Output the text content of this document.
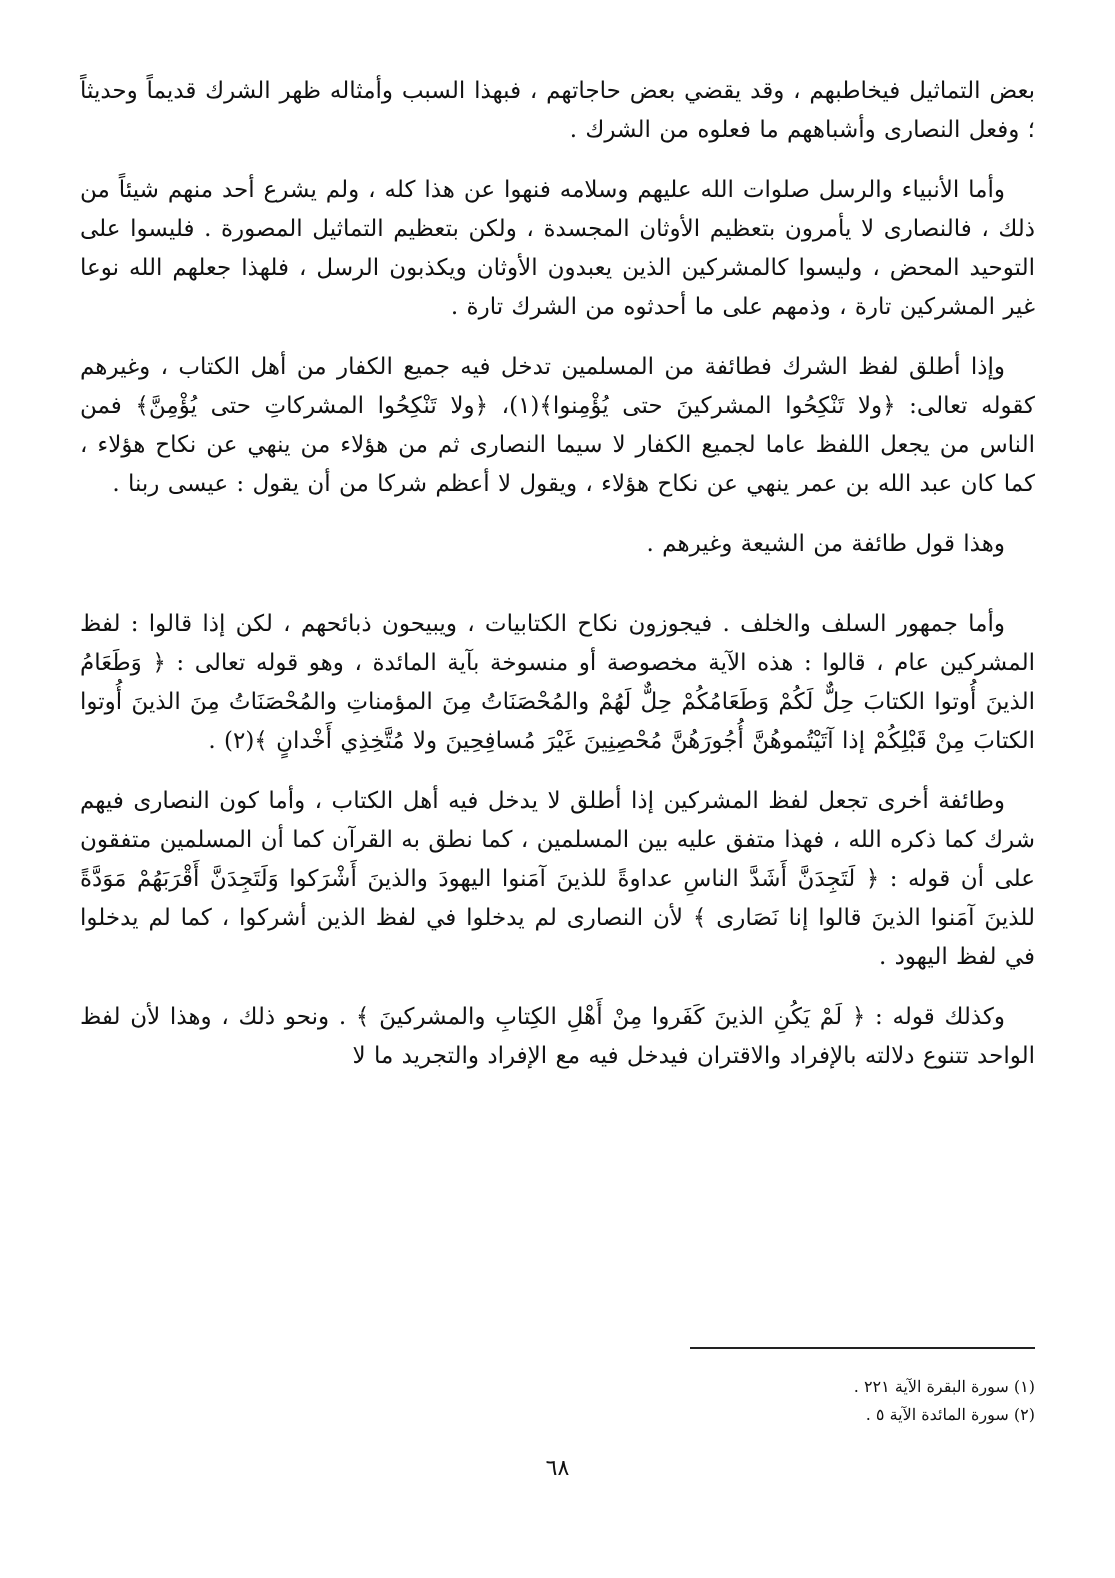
بعض التماثيل فيخاطبهم ، وقد يقضي بعض حاجاتهم ، فبهذا السبب وأمثاله ظهر الشرك قديماً وحديثاً ؛ وفعل النصارى وأشباههم ما فعلوه من الشرك .

وأما الأنبياء والرسل صلوات الله عليهم وسلامه فنهوا عن هذا كله ، ولم يشرع أحد منهم شيئاً من ذلك ، فالنصارى لا يأمرون بتعظيم الأوثان المجسدة ، ولكن بتعظيم التماثيل المصورة . فليسوا على التوحيد المحض ، وليسوا كالمشركين الذين يعبدون الأوثان ويكذبون الرسل ، فلهذا جعلهم الله نوعا غير المشركين تارة ، وذمهم على ما أحدثوه من الشرك تارة .

وإذا أطلق لفظ الشرك فطائفة من المسلمين تدخل فيه جميع الكفار من أهل الكتاب ، وغيرهم كقوله تعالى: ﴿ولا تَنْكِحُوا المشركينَ حتى يُؤْمِنوا﴾(١)، ﴿ولا تَنْكِحُوا المشركاتِ حتى يُؤْمِنَّ﴾ فمن الناس من يجعل اللفظ عاما لجميع الكفار لا سيما النصارى ثم من هؤلاء من ينهي عن نكاح هؤلاء ، كما كان عبد الله بن عمر ينهي عن نكاح هؤلاء ، ويقول لا أعظم شركا من أن يقول : عيسى ربنا .

وهذا قول طائفة من الشيعة وغيرهم .

وأما جمهور السلف والخلف . فيجوزون نكاح الكتابيات ، ويبيحون ذبائحهم ، لكن إذا قالوا : لفظ المشركين عام ، قالوا : هذه الآية مخصوصة أو منسوخة بآية المائدة ، وهو قوله تعالى : ﴿ وَطَعَامُ الذينَ أُوتوا الكتابَ حِلٌّ لَكُمْ وَطَعَامُكُمْ حِلٌّ لَهُمْ والمُحْصَنَاتُ مِنَ المؤمناتِ والمُحْصَنَاتُ مِنَ الذينَ أُوتوا الكتابَ مِنْ قَبْلِكُمْ إذا آتَيْتُموهُنَّ أُجُورَهُنَّ مُحْصِنِينَ غَيْرَ مُسافِحِينَ ولا مُتَّخِذِي أَخْدانٍ ﴾(٢) .

وطائفة أخرى تجعل لفظ المشركين إذا أطلق لا يدخل فيه أهل الكتاب ، وأما كون النصارى فيهم شرك كما ذكره الله ، فهذا متفق عليه بين المسلمين ، كما نطق به القرآن كما أن المسلمين متفقون على أن قوله : ﴿ لَتَجِدَنَّ أَشَدَّ الناسِ عداوةً للذينَ آمَنوا اليهودَ والذينَ أَشْرَكوا وَلَتَجِدَنَّ أَقْرَبَهُمْ مَوَدَّةً للذينَ آمَنوا الذينَ قالوا إنا نَصَارى ﴾ لأن النصارى لم يدخلوا في لفظ الذين أشركوا ، كما لم يدخلوا في لفظ اليهود .

وكذلك قوله : ﴿ لَمْ يَكُنِ الذينَ كَفَروا مِنْ أَهْلِ الكِتابِ والمشركينَ ﴾ . ونحو ذلك ، وهذا لأن لفظ الواحد تتنوع دلالته بالإفراد والاقتران فيدخل فيه مع الإفراد والتجريد ما لا

(١) سورة البقرة الآية ٢٢١ .

(٢) سورة المائدة الآية ٥ .

٦٨
